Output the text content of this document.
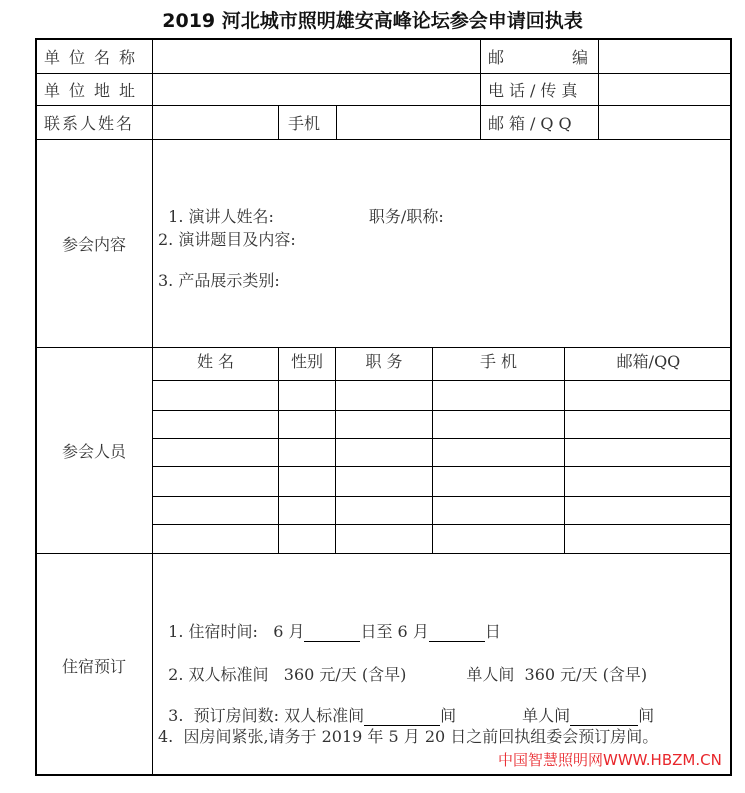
2019 河北城市照明雄安高峰论坛参会申请回执表
单位名称	邮	编
单位地址	电话/传真
联系人姓名	手机	邮箱/QQ
参会内容

1. 演讲人姓名:	职务/职称:

2. 演讲题目及内容:
3. 产品展示类别:
参会人员
姓 名	性别	职 务	手 机	邮箱/QQ
住宿预订

1. 住宿时间: 6 月	日至 6 月	日

2. 双人标准间   360 元/天 (含早)	单人间  360 元/天 (含早)

3.  预订房间数: 双人标准间	间	单人间	间

4.  因房间紧张,请务于 2019 年 5 月 20 日之前回执组委会预订房间。
中国智慧照明网WWW.HBZM.CN
